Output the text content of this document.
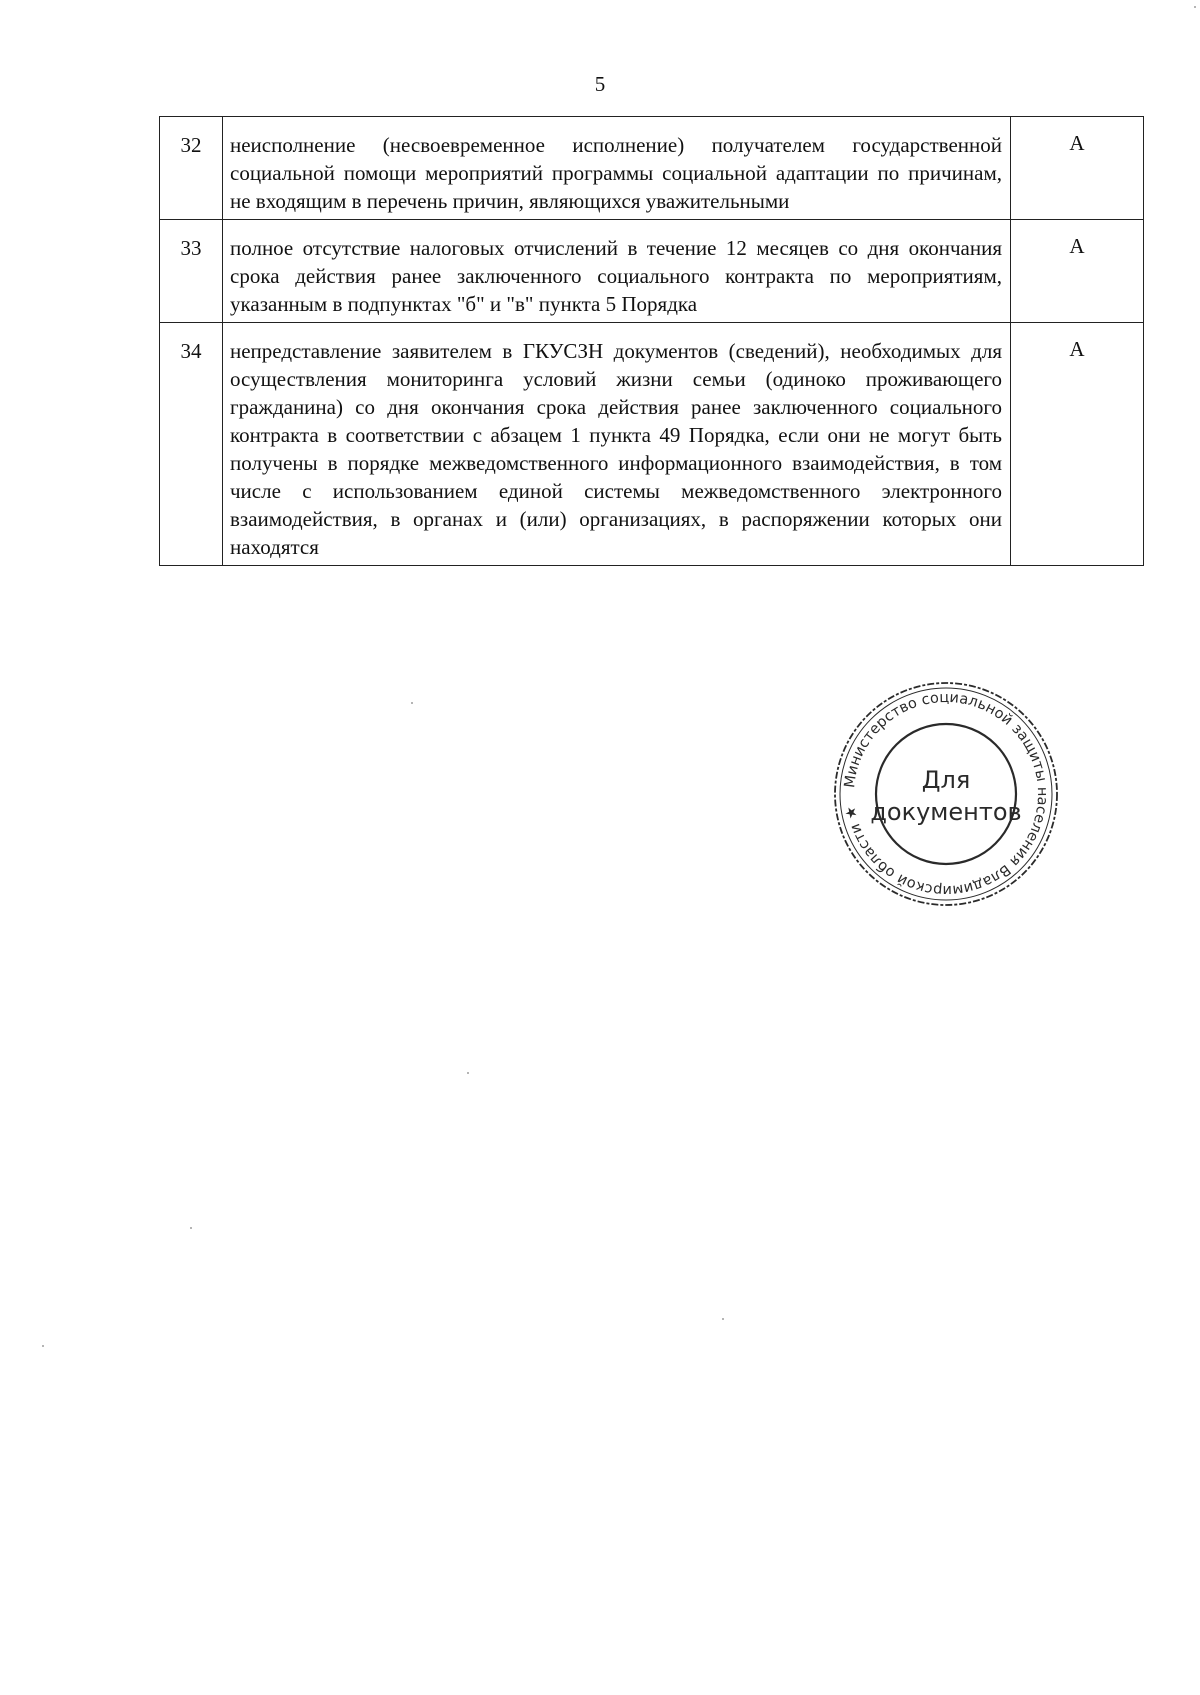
5
32	неисполнение (несвоевременное исполнение) получателем государственной социальной помощи мероприятий программы социальной адаптации по причинам, не входящим в перечень причин, являющихся уважительными	A
33	полное отсутствие налоговых отчислений в течение 12 месяцев со дня окончания срока действия ранее заключенного социального контракта по мероприятиям, указанным в подпунктах "б" и "в" пункта 5 Порядка	A
34	непредставление заявителем в ГКУСЗН документов (сведений), необходимых для осуществления мониторинга условий жизни семьи (одиноко проживающего гражданина) со дня окончания срока действия ранее заключенного социального контракта в соответствии с абзацем 1 пункта 49 Порядка, если они не могут быть получены в порядке межведомственного информационного взаимодействия, в том числе с использованием единой системы межведомственного электронного взаимодействия, в органах и (или) организациях, в распоряжении которых они находятся	A
Министерство социальной защиты населения Владимирской области ★
Для
документов
